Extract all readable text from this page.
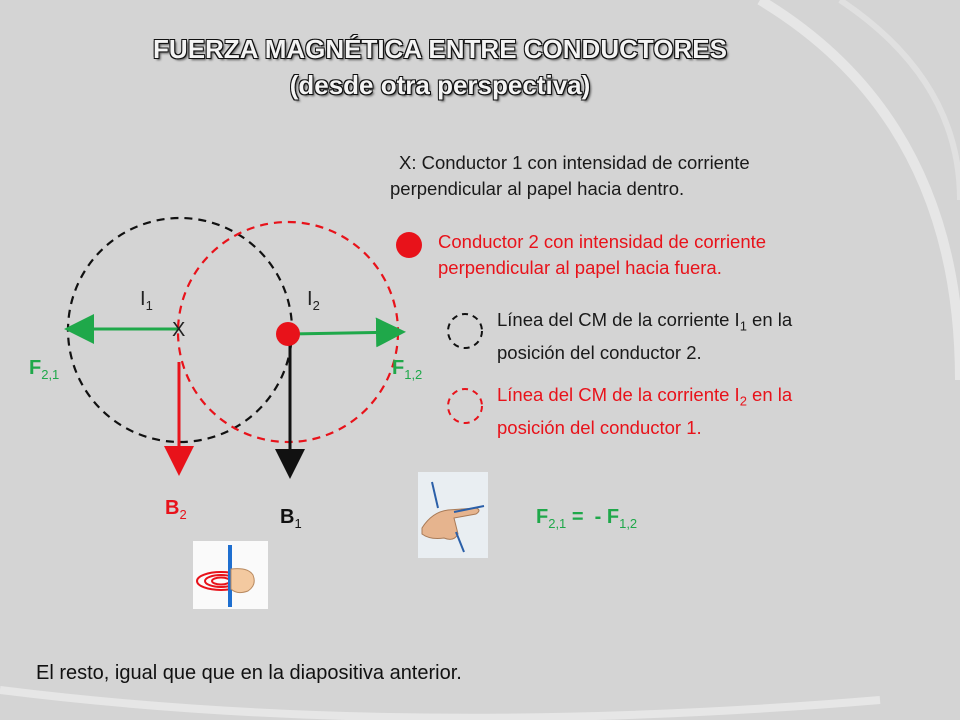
FUERZA MAGNÉTICA ENTRE CONDUCTORES
(desde otra perspectiva)
X: Conductor 1 con intensidad de corriente
perpendicular al papel hacia dentro.
Conductor 2 con intensidad de corriente
perpendicular al papel hacia fuera.
Línea del CM de la corriente $I_1$ en la
posición del conductor 2.
Línea del CM de la corriente $I_2$ en la
posición del conductor 1.
$I_1$	$I_2$
X
$F_{2,1}$	$F_{1,2}$
$B_2$	$B_1$	$F_{2,1}$ =  - $F_{1,2}$
El resto, igual que que en la diapositiva anterior.
